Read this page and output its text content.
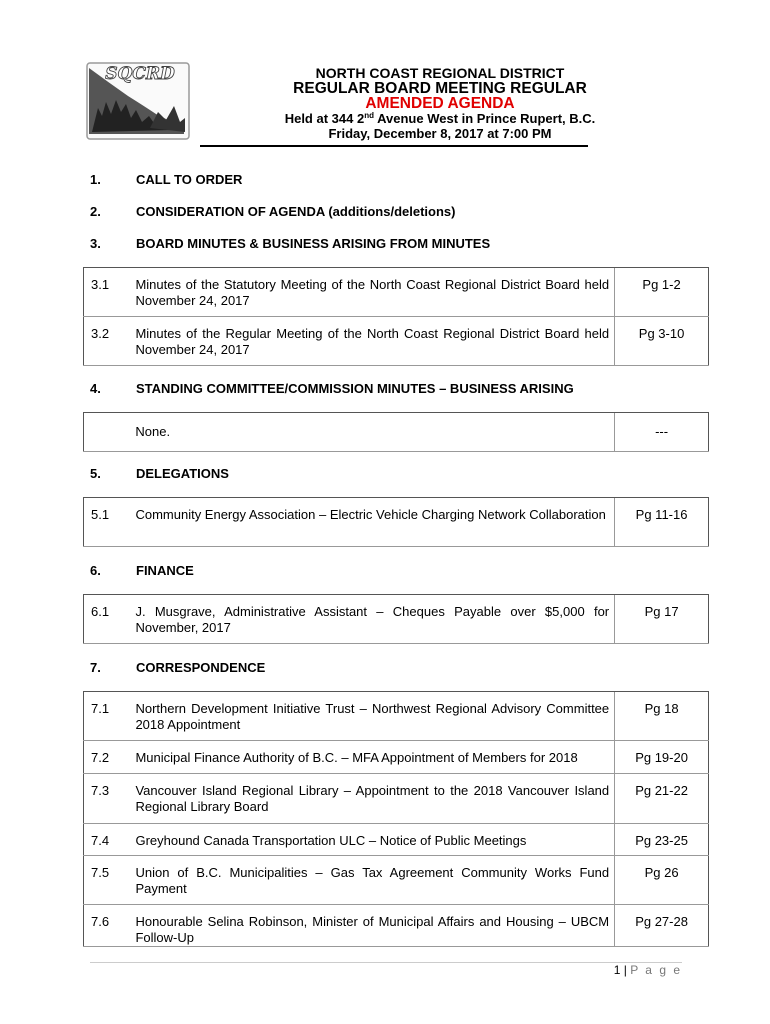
SQCRD	NORTH COAST REGIONAL DISTRICT
REGULAR BOARD MEETING REGULAR
AMENDED AGENDA
Held at 344 2nd Avenue West in Prince Rupert, B.C.
Friday, December 8, 2017 at 7:00 PM
1.	CALL TO ORDER
2.	CONSIDERATION OF AGENDA (additions/deletions)
3.	BOARD MINUTES & BUSINESS ARISING FROM MINUTES
3.1	Minutes of the Statutory Meeting of the North Coast Regional District Board held November 24, 2017	Pg 1-2
3.2	Minutes of the Regular Meeting of the North Coast Regional District Board held November 24, 2017	Pg 3-10
4.	STANDING COMMITTEE/COMMISSION MINUTES – BUSINESS ARISING
	None.	---
5.	DELEGATIONS
5.1	Community Energy Association – Electric Vehicle Charging Network Collaboration	Pg 11-16
6.	FINANCE
6.1	J. Musgrave, Administrative Assistant – Cheques Payable over $5,000 for November, 2017	Pg 17
7.	CORRESPONDENCE
7.1	Northern Development Initiative Trust – Northwest Regional Advisory Committee 2018 Appointment	Pg 18
7.2	Municipal Finance Authority of B.C. – MFA Appointment of Members for 2018	Pg 19-20
7.3	Vancouver Island Regional Library – Appointment to the 2018 Vancouver Island Regional Library Board	Pg 21-22
7.4	Greyhound Canada Transportation ULC – Notice of Public Meetings	Pg 23-25
7.5	Union of B.C. Municipalities – Gas Tax Agreement Community Works Fund Payment	Pg 26
7.6	Honourable Selina Robinson, Minister of Municipal Affairs and Housing – UBCM Follow-Up	Pg 27-28
1 | P a g e
